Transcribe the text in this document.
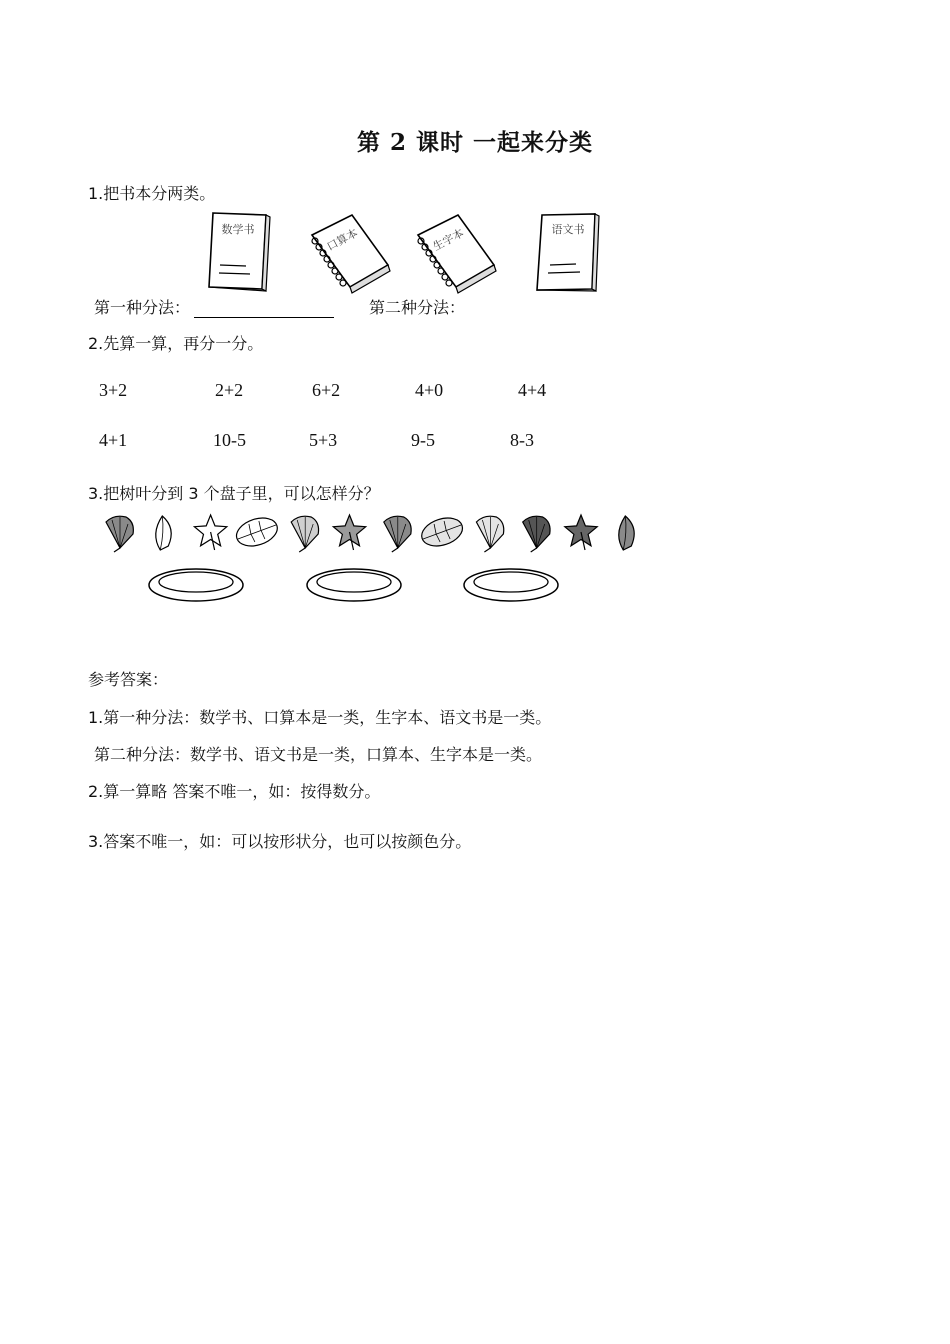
第 2 课时 一起来分类
1.把书本分两类。
数学书	口算本	生字本	语文书
第一种分法：	第二种分法：
2.先算一算，再分一分。
3+2	2+2	6+2	4+0	4+4
4+1	10-5	5+3	9-5	8-3
3.把树叶分到 3 个盘子里，可以怎样分？
参考答案：
1.第一种分法：数学书、口算本是一类，生字本、语文书是一类。
第二种分法：数学书、语文书是一类，口算本、生字本是一类。
2.算一算略 答案不唯一，如：按得数分。
3.答案不唯一，如：可以按形状分，也可以按颜色分。
